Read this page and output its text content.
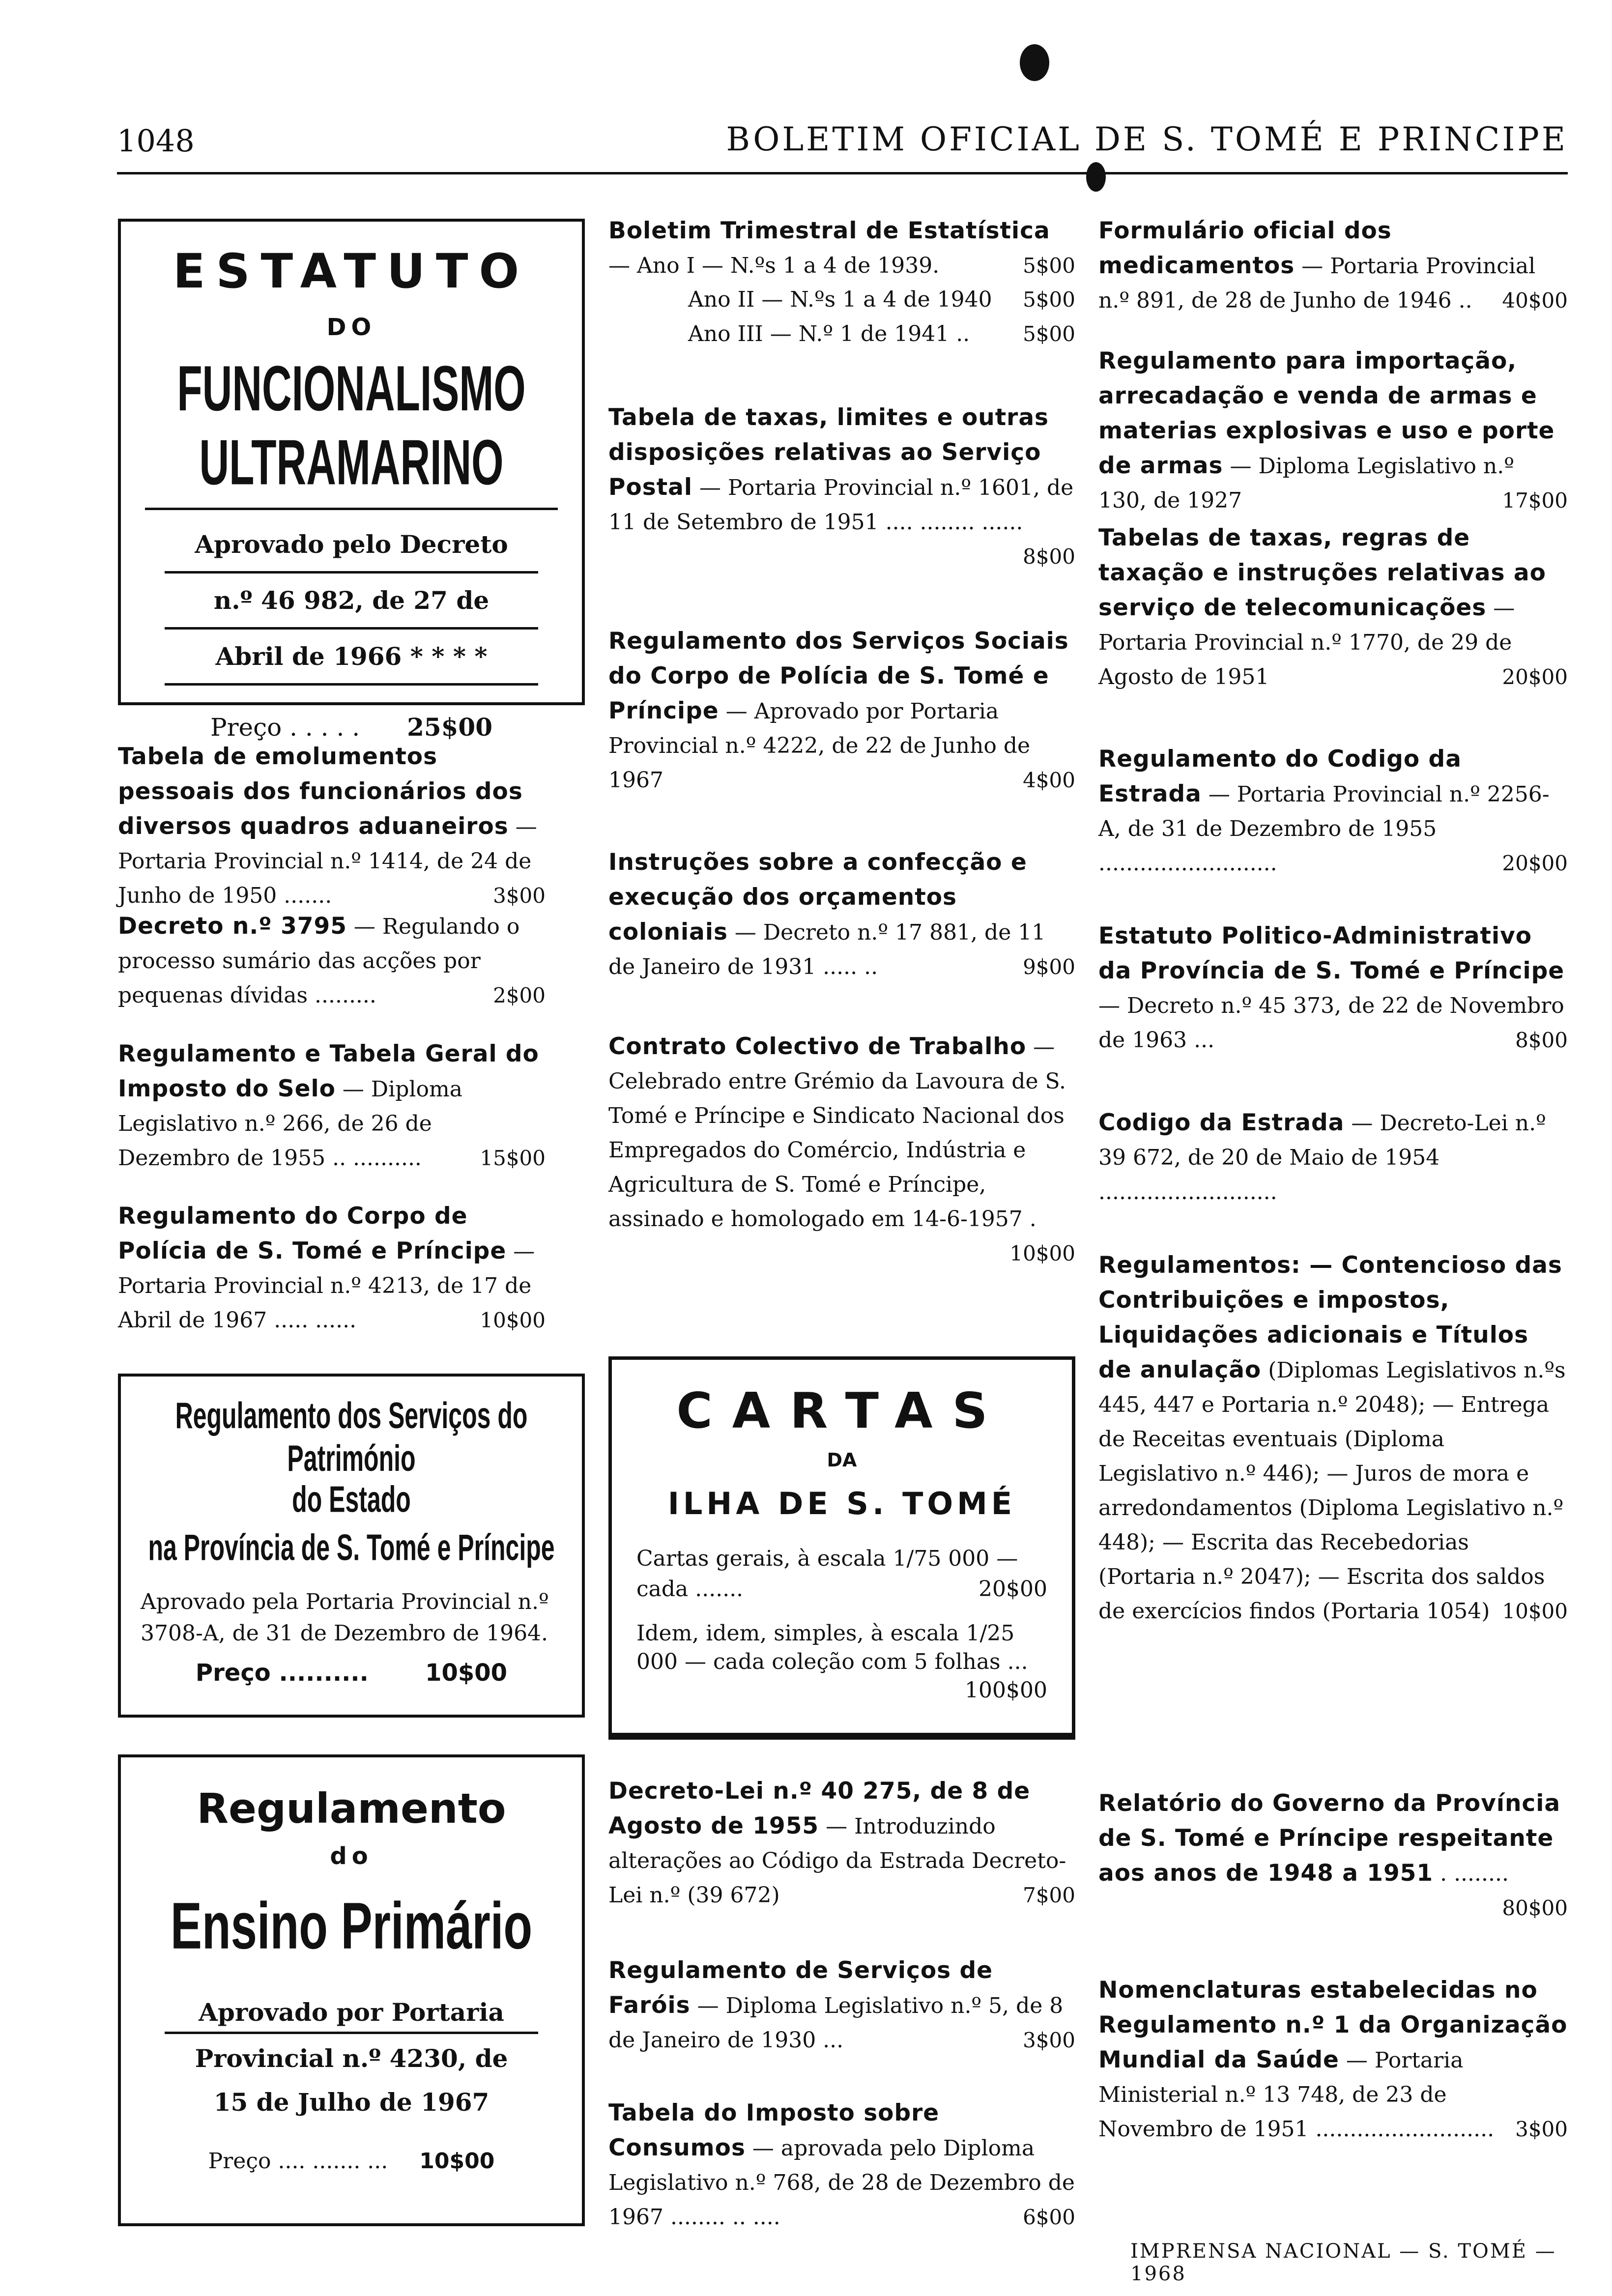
1048	BOLETIM OFICIAL DE S. TOMÉ E PRINCIPE
ESTATUTO
DO
FUNCIONALISMO ULTRAMARINO
Aprovado pelo Decreto
n.º 46 982, de 27 de
Abril de 1966 * * * *
Preço . . . . . 25$00
Tabela de emolumentos pessoais dos funcionários dos diversos quadros aduaneiros —Portaria Provincial n.º 1414, de 24 de Junho de 1950 .......	3$00
Decreto n.º 3795 — Regulando o processo sumário das acções por pequenas dívidas .........	2$00
Regulamento e Tabela Geral do Imposto do Selo — Diploma Legislativo n.º 266, de 26 de Dezembro de 1955 .. ..........	15$00
Regulamento do Corpo de Polícia de S. Tomé e Príncipe — Portaria Provincial n.º 4213, de 17 de Abril de 1967 ..... ......	10$00
Regulamento dos Serviços do Património
do Estado
na Província de S. Tomé e Príncipe
Aprovado pela Portaria Provincial n.º 3708-A, de 31 de Dezembro de 1964.
Preço .......... 10$00
Regulamento
do
Ensino Primário
Aprovado por Portaria
Provincial n.º 4230, de
15 de Julho de 1967
Preço .... ....... ... 10$00
Boletim Trimestral de Estatística — Ano I — N.ºs 1 a 4 de 1939.	5$00
Ano II — N.ºs 1 a 4 de 1940 5$00
Ano III — N.º 1 de 1941 ..	5$00
Tabela de taxas, limites e outras disposições relativas ao Serviço Postal — Portaria Provincial n.º 1601, de 11 de Setembro de 1951 .... ........ ......
8$00
Regulamento dos Serviços Sociais do Corpo de Polícia de S. Tomé e Príncipe — Aprovado por Portaria Provincial n.º 4222, de 22 de Junho de 1967	4$00
Instruções sobre a confecção e execução dos orçamentos coloniais — Decreto n.º 17 881, de 11 de Janeiro de 1931 ..... ..	9$00
Contrato Colectivo de Trabalho — Celebrado entre Grémio da Lavoura de S. Tomé e Príncipe e Sindicato Nacional dos Empregados do Comércio, Indústria e Agricultura de S. Tomé e Príncipe, assinado e homologado em 14-6-1957 .
10$00
CARTAS
DA
ILHA DE S. TOMÉ
Cartas gerais, à escala 1/75 000 — cada .......	20$00
Idem, idem, simples, à escala 1/25 000 — cada coleção com 5 folhas ...
100$00
Decreto-Lei n.º 40 275, de 8 de Agosto de 1955 — Introduzindo alterações ao Código da Estrada Decreto-Lei n.º (39 672)	7$00
Regulamento de Serviços de Faróis — Diploma Legislativo n.º 5, de 8 de Janeiro de 1930 ...	3$00
Tabela do Imposto sobre Consumos — aprovada pelo Diploma Legislativo n.º 768, de 28 de Dezembro de 1967 ........ .. ....	6$00
Formulário oficial dos medicamentos — Portaria Provincial n.º 891, de 28 de Junho de 1946 .. 40$00
Regulamento para importação, arrecadação e venda de armas e materias explosivas e uso e porte de armas — Diploma Legislativo n.º 130, de 1927	17$00
Tabelas de taxas, regras de taxação e instruções relativas ao serviço de telecomunicações — Portaria Provincial n.º 1770, de 29 de Agosto de 1951	20$00
Regulamento do Codigo da Estrada — Portaria Provincial n.º 2256-A, de 31 de Dezembro de 1955 ..........................	20$00
Estatuto Politico-Administrativo da Província de S. Tomé e Príncipe — Decreto n.º 45 373, de 22 de Novembro de 1963 ...	8$00
Codigo da Estrada — Decreto-Lei n.º 39 672, de 20 de Maio de 1954 ..........................
Regulamentos: — Contencioso das Contribuições e impostos, Liquidações adicionais e Títulos de anulação (Diplomas Legislativos n.ºs 445, 447 e Portaria n.º 2048); — Entrega de Receitas eventuais (Diploma Legislativo n.º 446); — Juros de mora e arredondamentos (Diploma Legislativo n.º 448); — Escrita das Recebedorias (Portaria n.º 2047); — Escrita dos saldos de exercícios findos (Portaria 1054) 10$00
Relatório do Governo da Província de S. Tomé e Príncipe respeitante aos anos de 1948 a 1951 . ........
80$00
Nomenclaturas estabelecidas no Regulamento n.º 1 da Organização Mundial da Saúde — Portaria Ministerial n.º 13 748, de 23 de Novembro de 1951 .......................... 3$00
IMPRENSA NACIONAL — S. TOMÉ — 1968
